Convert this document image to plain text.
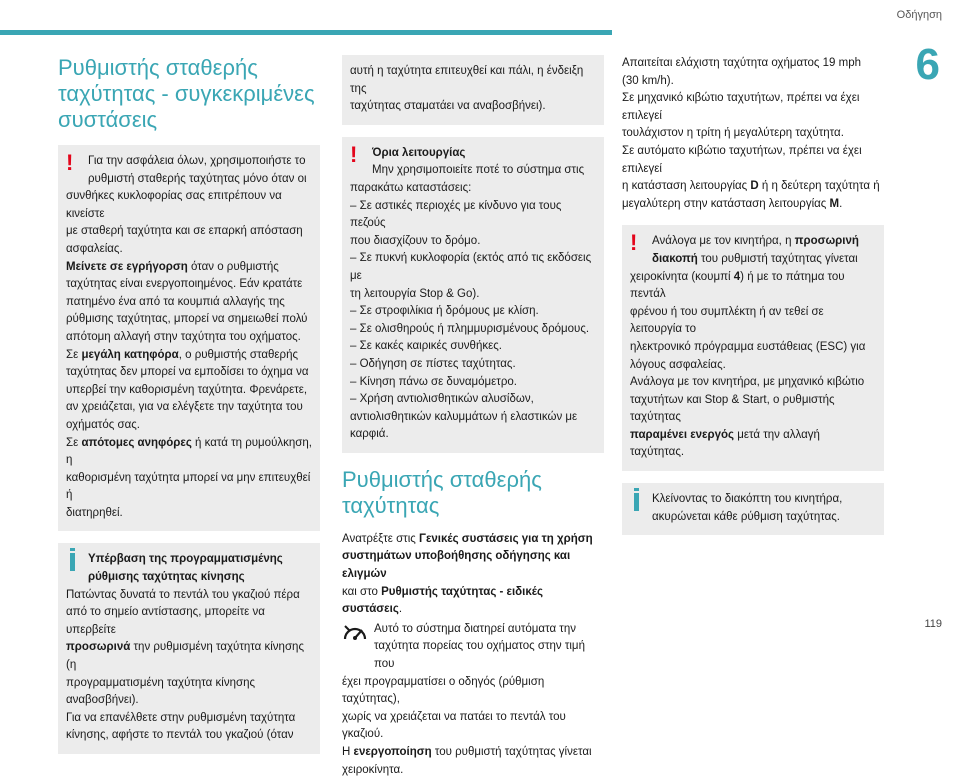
Οδήγηση
6
119
Ρυθμιστής σταθερής ταχύτητας - συγκεκριμένες συστάσεις
!	Για την ασφάλεια όλων, χρησιμοποιήστε το
ρυθμιστή σταθερής ταχύτητας μόνο όταν οι
συνθήκες κυκλοφορίας σας επιτρέπουν να κινείστε
με σταθερή ταχύτητα και σε επαρκή απόσταση
ασφαλείας.
Μείνετε σε εγρήγορση όταν ο ρυθμιστής
ταχύτητας είναι ενεργοποιημένος. Εάν κρατάτε
πατημένο ένα από τα κουμπιά αλλαγής της
ρύθμισης ταχύτητας, μπορεί να σημειωθεί πολύ
απότομη αλλαγή στην ταχύτητα του οχήματος.
Σε μεγάλη κατηφόρα, ο ρυθμιστής σταθερής
ταχύτητας δεν μπορεί να εμποδίσει το όχημα να
υπερβεί την καθορισμένη ταχύτητα. Φρενάρετε,
αν χρειάζεται, για να ελέγξετε την ταχύτητα του
οχήματός σας.
Σε απότομες ανηφόρες ή κατά τη ρυμούλκηση, η
καθορισμένη ταχύτητα μπορεί να μην επιτευχθεί ή
διατηρηθεί.
Υπέρβαση της προγραμματισμένης
ρύθμισης ταχύτητας κίνησης
Πατώντας δυνατά το πεντάλ του γκαζιού πέρα
από το σημείο αντίστασης, μπορείτε να υπερβείτε
προσωρινά την ρυθμισμένη ταχύτητα κίνησης (η
προγραμματισμένη ταχύτητα κίνησης αναβοσβήνει).
Για να επανέλθετε στην ρυθμισμένη ταχύτητα
κίνησης, αφήστε το πεντάλ του γκαζιού (όταν
αυτή η ταχύτητα επιτευχθεί και πάλι, η ένδειξη της
ταχύτητας σταματάει να αναβοσβήνει).
!	Όρια λειτουργίας
Μην χρησιμοποιείτε ποτέ το σύστημα στις
παρακάτω καταστάσεις:
– Σε αστικές περιοχές με κίνδυνο για τους πεζούς
που διασχίζουν το δρόμο.
– Σε πυκνή κυκλοφορία (εκτός από τις εκδόσεις με
τη λειτουργία Stop & Go).
– Σε στροφιλίκια ή δρόμους με κλίση.
– Σε ολισθηρούς ή πλημμυρισμένους δρόμους.
– Σε κακές καιρικές συνθήκες.
– Οδήγηση σε πίστες ταχύτητας.
– Κίνηση πάνω σε δυναμόμετρο.
– Χρήση αντιολισθητικών αλυσίδων,
αντιολισθητικών καλυμμάτων ή ελαστικών με
καρφιά.
Ρυθμιστής σταθερής ταχύτητας
Ανατρέξτε στις Γενικές συστάσεις για τη χρήση
συστημάτων υποβοήθησης οδήγησης και ελιγμών
και στο Ρυθμιστής ταχύτητας - ειδικές συστάσεις.
Αυτό το σύστημα διατηρεί αυτόματα την
ταχύτητα πορείας του οχήματος στην τιμή που
έχει προγραμματίσει ο οδηγός (ρύθμιση ταχύτητας),
χωρίς να χρειάζεται να πατάει το πεντάλ του γκαζιού.
Η ενεργοποίηση του ρυθμιστή ταχύτητας γίνεται
χειροκίνητα.
Απαιτείται ελάχιστη ταχύτητα οχήματος 19 mph
(30 km/h).
Σε μηχανικό κιβώτιο ταχυτήτων, πρέπει να έχει επιλεγεί
τουλάχιστον η τρίτη ή μεγαλύτερη ταχύτητα.
Σε αυτόματο κιβώτιο ταχυτήτων, πρέπει να έχει επιλεγεί
η κατάσταση λειτουργίας D ή η δεύτερη ταχύτητα ή
μεγαλύτερη στην κατάσταση λειτουργίας M.
!	Ανάλογα με τον κινητήρα, η προσωρινή
διακοπή του ρυθμιστή ταχύτητας γίνεται
χειροκίνητα (κουμπί 4) ή με το πάτημα του πεντάλ
φρένου ή του συμπλέκτη ή αν τεθεί σε λειτουργία το
ηλεκτρονικό πρόγραμμα ευστάθειας (ESC) για
λόγους ασφαλείας.
Ανάλογα με τον κινητήρα, με μηχανικό κιβώτιο
ταχυτήτων και Stop & Start, ο ρυθμιστής ταχύτητας
παραμένει ενεργός μετά την αλλαγή ταχύτητας.
Κλείνοντας το διακόπτη του κινητήρα,
ακυρώνεται κάθε ρύθμιση ταχύτητας.
